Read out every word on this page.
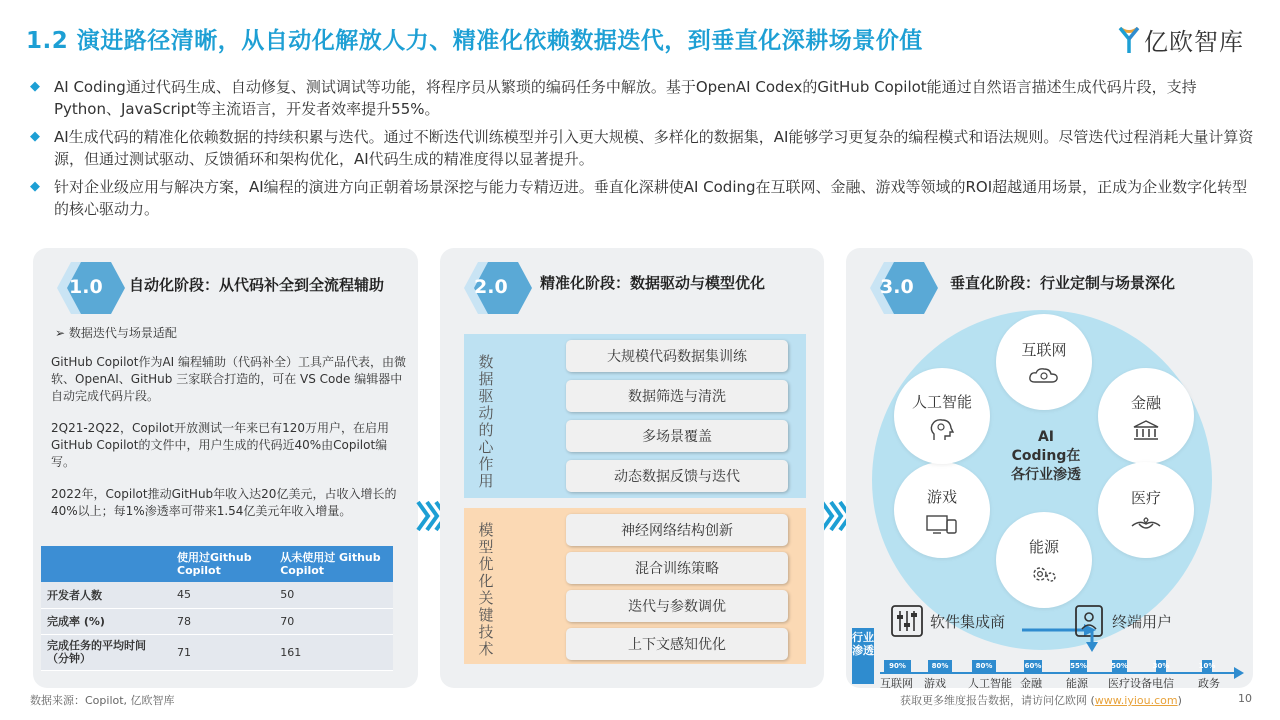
1.2 演进路径清晰，从自动化解放人力、精准化依赖数据迭代，到垂直化深耕场景价值	亿欧智库
◆ AI Coding通过代码生成、自动修复、测试调试等功能，将程序员从繁琐的编码任务中解放。基于OpenAI Codex的GitHub Copilot能通过自然语言描述生成代码片段，支持Python、JavaScript等主流语言，开发者效率提升55%。
◆ AI生成代码的精准化依赖数据的持续积累与迭代。通过不断迭代训练模型并引入更大规模、多样化的数据集，AI能够学习更复杂的编程模式和语法规则。尽管迭代过程消耗大量计算资源，但通过测试驱动、反馈循环和架构优化，AI代码生成的精准度得以显著提升。
◆ 针对企业级应用与解决方案，AI编程的演进方向正朝着场景深挖与能力专精迈进。垂直化深耕使AI Coding在互联网、金融、游戏等领域的ROI超越通用场景，正成为企业数字化转型的核心驱动力。
1.0 自动化阶段：从代码补全到全流程辅助
➢ 数据迭代与场景适配
GitHub Copilot作为AI 编程辅助（代码补全）工具产品代表，由微软、OpenAI、GitHub 三家联合打造的，可在 VS Code 编辑器中自动完成代码片段。
2Q21-2Q22，Copilot开放测试一年来已有120万用户，在启用GitHub Copilot的文件中，用户生成的代码近40%由Copilot编写。
2022年，Copilot推动GitHub年收入达20亿美元，占收入增长的40%以上；每1%渗透率可带来1.54亿美元年收入增量。
	使用过Github Copilot	从未使用过 Github Copilot
开发者人数	45	50
完成率 (%)	78	70
完成任务的平均时间（分钟）	71	161
2.0 精准化阶段：数据驱动与模型优化
数据驱动的心作用
大规模代码数据集训练
数据筛选与清洗
多场景覆盖
动态数据反馈与迭代
模型优化关键技术
神经网络结构创新
混合训练策略
迭代与参数调优
上下文感知优化
3.0 垂直化阶段：行业定制与场景深化
互联网
金融
医疗
能源
游戏
人工智能
AI
Coding在
各行业渗透
软件集成商	终端用户
行业渗透
90%
互联网
80%
游戏
80%
人工智能
60%
金融
55%
能源
50%
医疗设备
30%
电信
10%
政务
数据来源：Copilot, 亿欧智库	获取更多维度报告数据，请访问亿欧网 (www.iyiou.com)	10
